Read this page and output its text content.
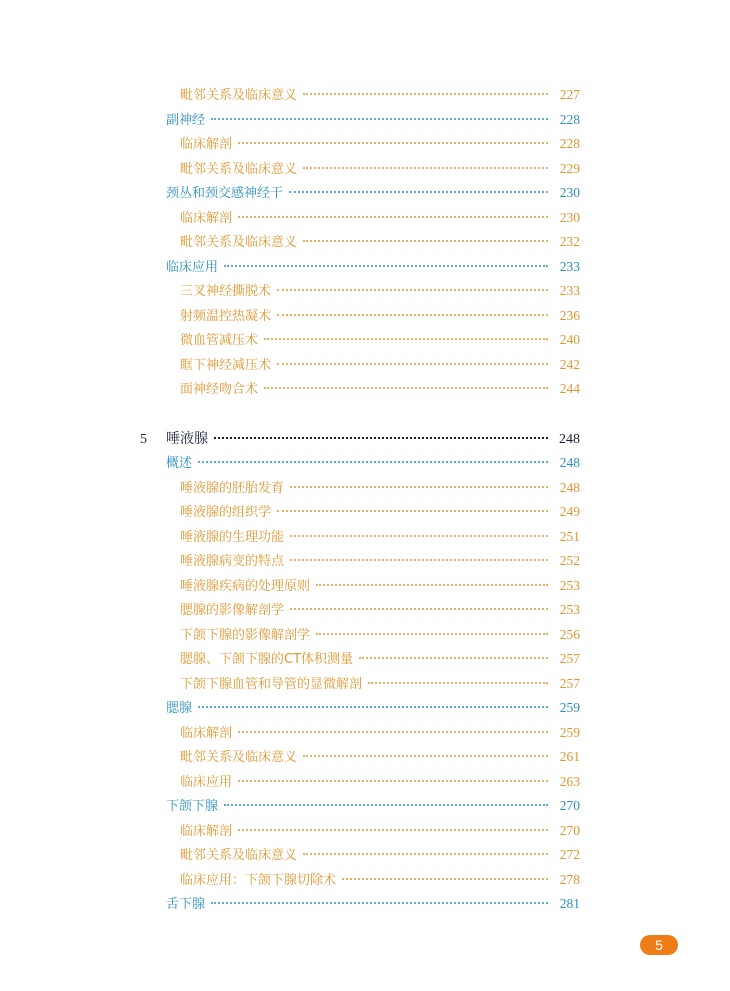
毗邻关系及临床意义	227
副神经	228
临床解剖	228
毗邻关系及临床意义	229
颈丛和颈交感神经干	230
临床解剖	230
毗邻关系及临床意义	232
临床应用	233
三叉神经撕脱术	233
射频温控热凝术	236
微血管减压术	240
眶下神经减压术	242
面神经吻合术	244
5	唾液腺	248
概述	248
唾液腺的胚胎发育	248
唾液腺的组织学	249
唾液腺的生理功能	251
唾液腺病变的特点	252
唾液腺疾病的处理原则	253
腮腺的影像解剖学	253
下颌下腺的影像解剖学	256
腮腺、下颌下腺的CT体积测量	257
下颌下腺血管和导管的显微解剖	257
腮腺	259
临床解剖	259
毗邻关系及临床意义	261
临床应用	263
下颌下腺	270
临床解剖	270
毗邻关系及临床意义	272
临床应用：下颌下腺切除术	278
舌下腺	281
5
